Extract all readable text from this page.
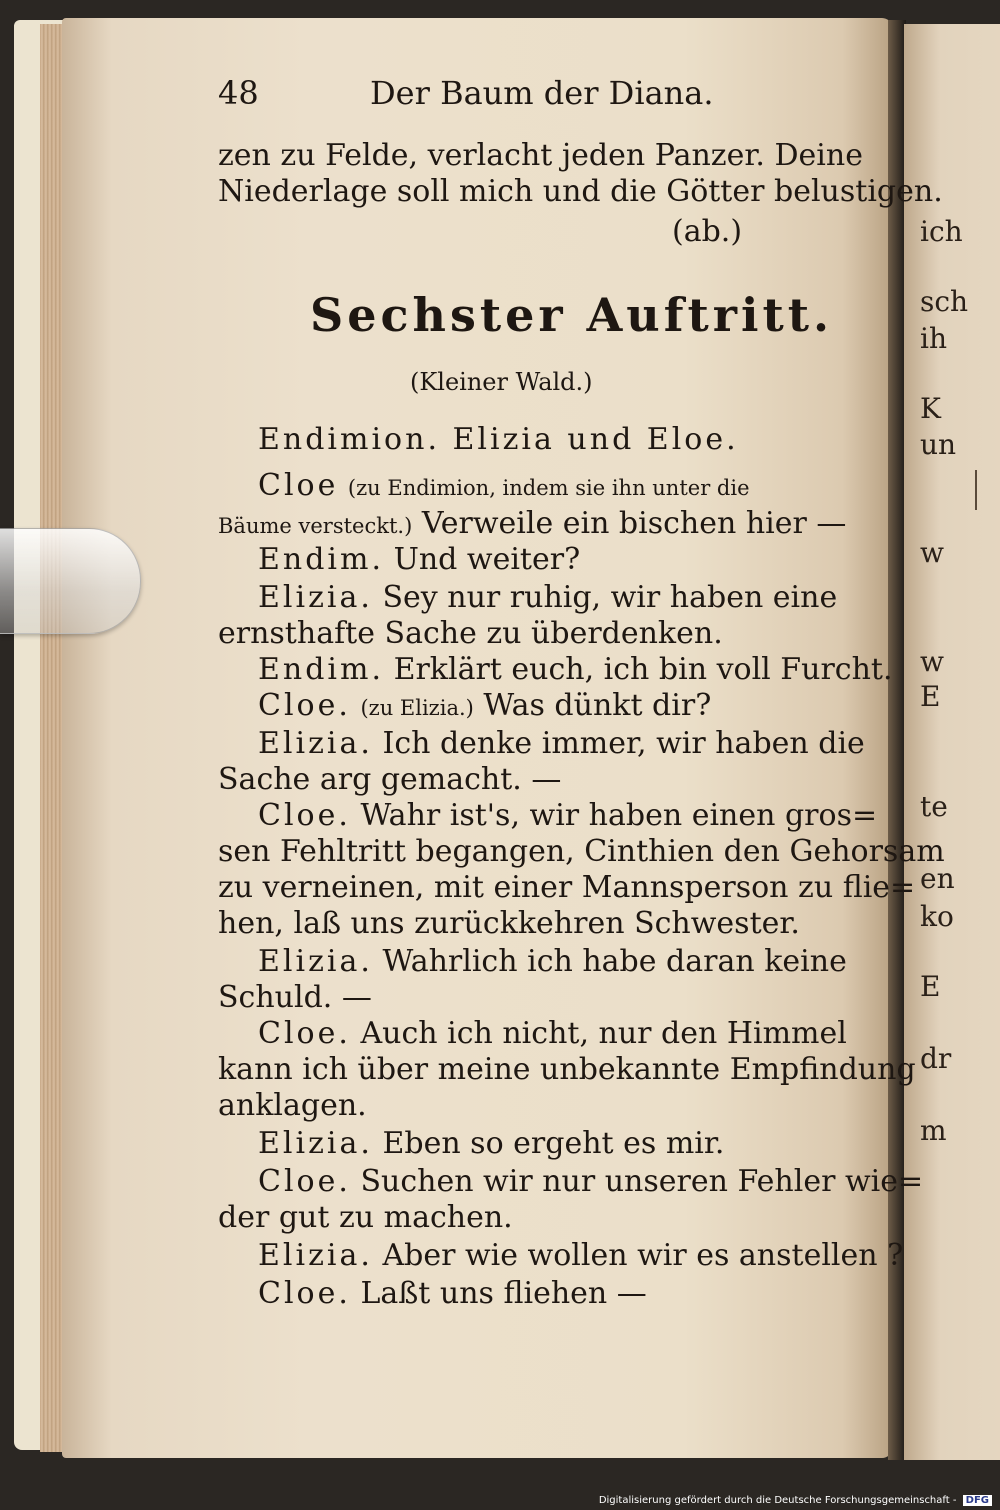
ich
sch
ih
K
un
w
w
E
te
en
ko
E
dr
m
48	Der Baum der Diana.
zen zu Felde, verlacht jeden Panzer. Deine
Niederlage soll mich und die Götter belustigen.
(ab.)
Sechster Auftritt.
(Kleiner Wald.)
Endimion. Elizia und Eloe.
Cloe (zu Endimion, indem sie ihn unter die
Bäume versteckt.) Verweile ein bischen hier —
Endim. Und weiter?
Elizia. Sey nur ruhig, wir haben eine
ernsthafte Sache zu überdenken.
Endim. Erklärt euch, ich bin voll Furcht.
Cloe. (zu Elizia.) Was dünkt dir?
Elizia. Ich denke immer, wir haben die
Sache arg gemacht. —
Cloe. Wahr ist's, wir haben einen gros=
sen Fehltritt begangen, Cinthien den Gehorsam
zu verneinen, mit einer Mannsperson zu flie=
hen, laß uns zurückkehren Schwester.
Elizia. Wahrlich ich habe daran keine
Schuld. —
Cloe. Auch ich nicht, nur den Himmel
kann ich über meine unbekannte Empfindung
anklagen.
Elizia. Eben so ergeht es mir.
Cloe. Suchen wir nur unseren Fehler wie=
der gut zu machen.
Elizia. Aber wie wollen wir es anstellen ?
Cloe. Laßt uns fliehen —
Digitalisierung gefördert durch die Deutsche Forschungsgemeinschaft - DFG
